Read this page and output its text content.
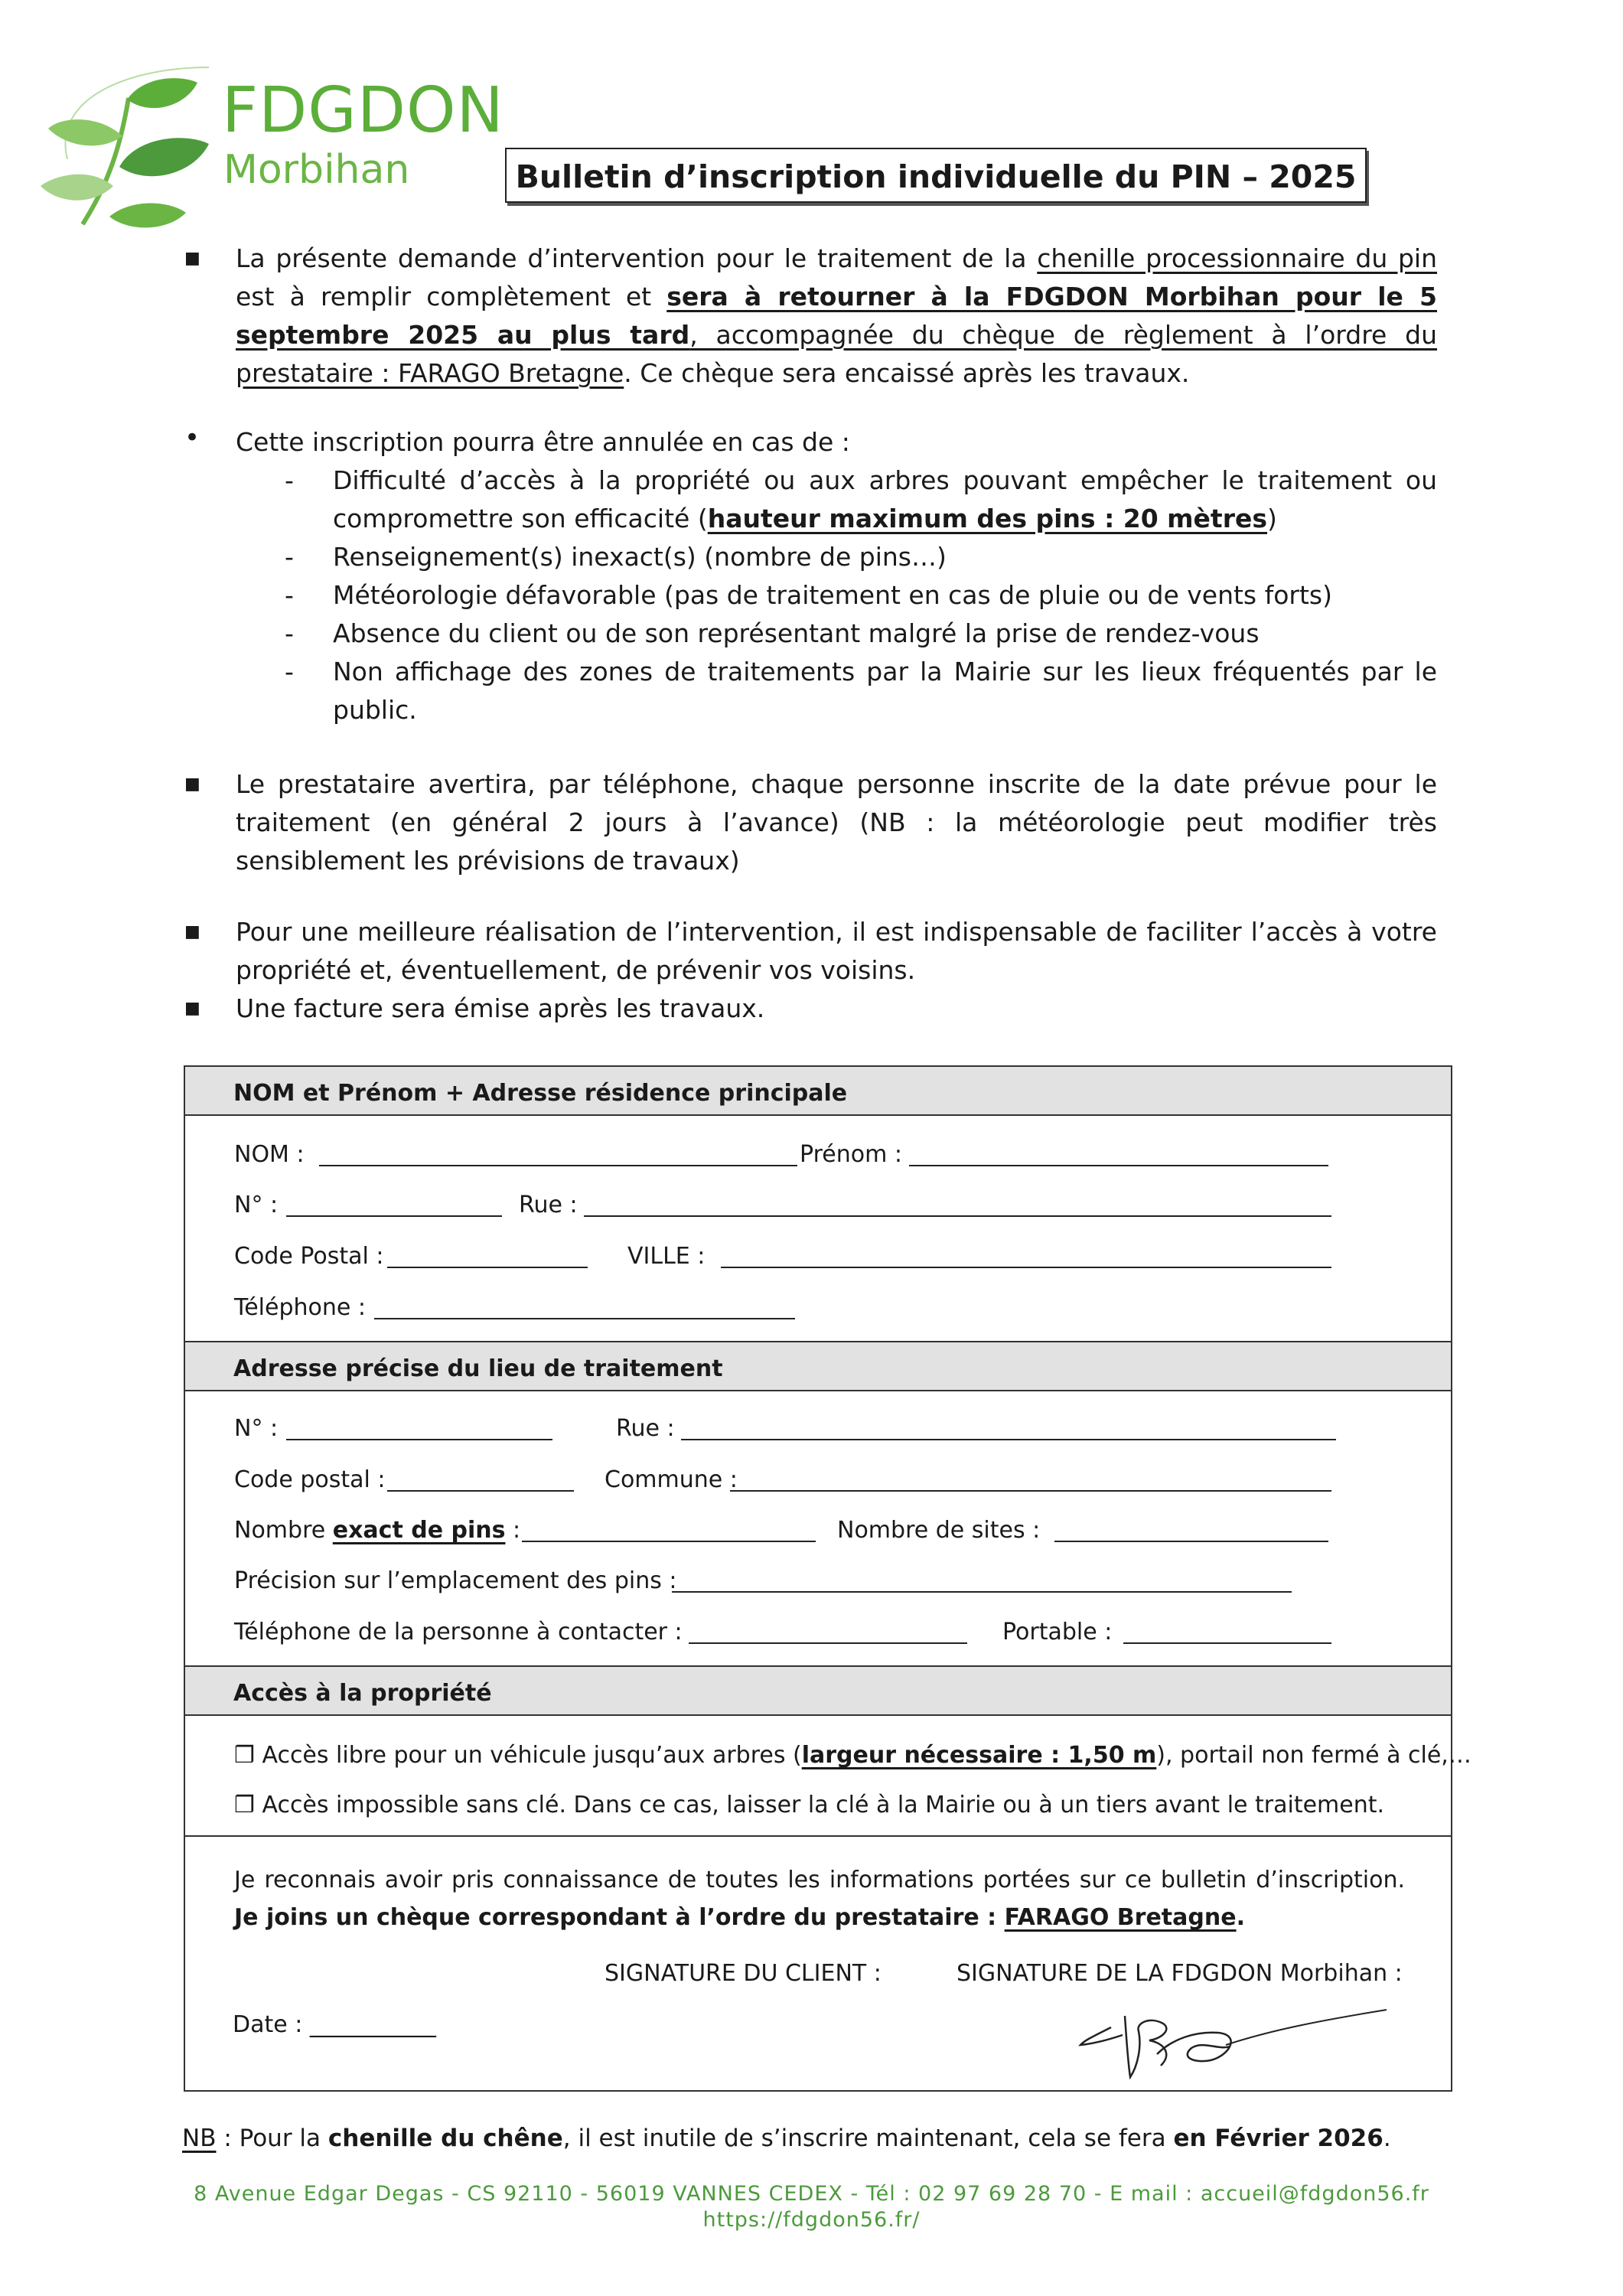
FDGDON
Morbihan	Bulletin d’inscription individuelle du PIN – 2025
■ La présente demande d’intervention pour le traitement de la chenille processionnaire du pin est à remplir complètement et sera à retourner à la FDGDON Morbihan pour le 5 septembre 2025 au plus tard, accompagnée du chèque de règlement à l’ordre du prestataire : FARAGO Bretagne. Ce chèque sera encaissé après les travaux.
• Cette inscription pourra être annulée en cas de :
- Difficulté d’accès à la propriété ou aux arbres pouvant empêcher le traitement ou compromettre son efficacité (hauteur maximum des pins : 20 mètres)
- Renseignement(s) inexact(s) (nombre de pins…)
- Météorologie défavorable (pas de traitement en cas de pluie ou de vents forts)
- Absence du client ou de son représentant malgré la prise de rendez-vous
- Non affichage des zones de traitements par la Mairie sur les lieux fréquentés par le public.
■ Le prestataire avertira, par téléphone, chaque personne inscrite de la date prévue pour le traitement (en général 2 jours à l’avance) (NB : la météorologie peut modifier très sensiblement les prévisions de travaux)
■ Pour une meilleure réalisation de l’intervention, il est indispensable de faciliter l’accès à votre propriété et, éventuellement, de prévenir vos voisins.
■ Une facture sera émise après les travaux.
NOM et Prénom + Adresse résidence principale
NOM :	Prénom :
N° :	Rue :
Code Postal :	VILLE :
Téléphone :
Adresse précise du lieu de traitement
N° :	Rue :
Code postal :	Commune :
Nombre exact de pins :	Nombre de sites :
Précision sur l’emplacement des pins :
Téléphone de la personne à contacter :	Portable :
Accès à la propriété
❒ Accès libre pour un véhicule jusqu’aux arbres (largeur nécessaire : 1,50 m), portail non fermé à clé,…
❒ Accès impossible sans clé. Dans ce cas, laisser la clé à la Mairie ou à un tiers avant le traitement.
Je reconnais avoir pris connaissance de toutes les informations portées sur ce bulletin d’inscription. Je joins un chèque correspondant à l’ordre du prestataire : FARAGO Bretagne.
SIGNATURE DU CLIENT :	SIGNATURE DE LA FDGDON Morbihan :
Date : ___________
NB : Pour la chenille du chêne, il est inutile de s’inscrire maintenant, cela se fera en Février 2026.
8 Avenue Edgar Degas - CS 92110 - 56019 VANNES CEDEX - Tél : 02 97 69 28 70 - E mail : accueil@fdgdon56.fr
https://fdgdon56.fr/
